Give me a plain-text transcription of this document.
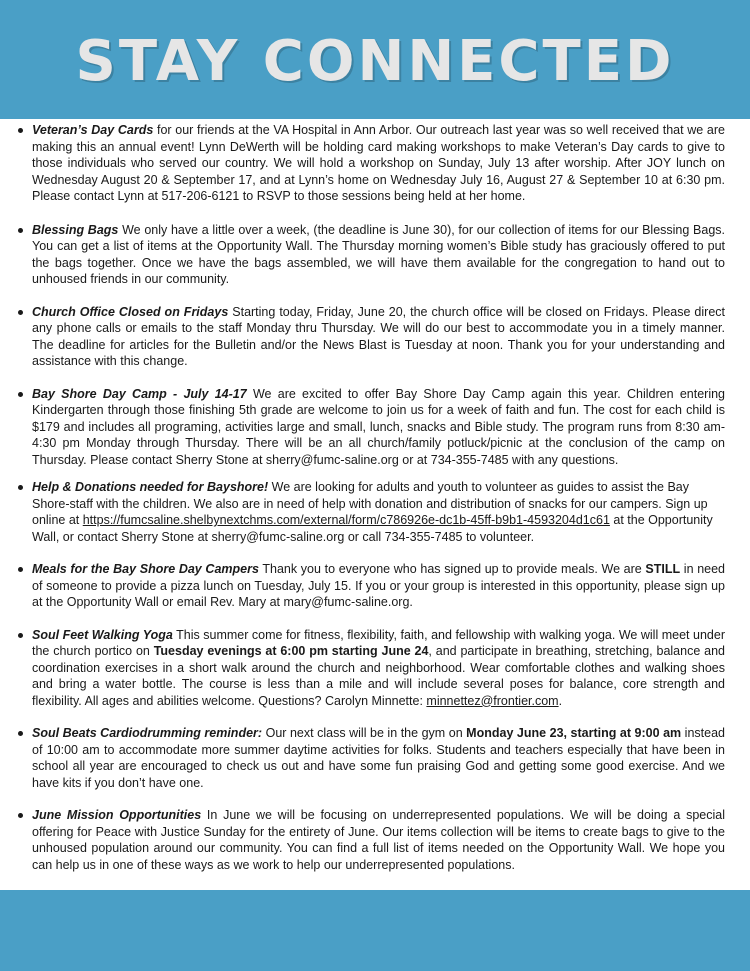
STAY CONNECTED
Veteran’s Day Cards for our friends at the VA Hospital in Ann Arbor. Our outreach last year was so well received that we are making this an annual event! Lynn DeWerth will be holding card making workshops to make Veteran’s Day cards to give to those individuals who served our country. We will hold a workshop on Sunday, July 13 after worship. After JOY lunch on Wednesday August 20 & September 17, and at Lynn’s home on Wednesday July 16, August 27 & September 10 at 6:30 pm. Please contact Lynn at 517-206-6121 to RSVP to those sessions being held at her home.
Blessing Bags We only have a little over a week, (the deadline is June 30), for our collection of items for our Blessing Bags. You can get a list of items at the Opportunity Wall. The Thursday morning women’s Bible study has graciously offered to put the bags together. Once we have the bags assembled, we will have them available for the congregation to hand out to unhoused friends in our community.
Church Office Closed on Fridays Starting today, Friday, June 20, the church office will be closed on Fridays. Please direct any phone calls or emails to the staff Monday thru Thursday. We will do our best to accommodate you in a timely manner. The deadline for articles for the Bulletin and/or the News Blast is Tuesday at noon. Thank you for your understanding and assistance with this change.
Bay Shore Day Camp - July 14-17 We are excited to offer Bay Shore Day Camp again this year. Children entering Kindergarten through those finishing 5th grade are welcome to join us for a week of faith and fun. The cost for each child is $179 and includes all programing, activities large and small, lunch, snacks and Bible study. The program runs from 8:30 am-4:30 pm Monday through Thursday. There will be an all church/family potluck/picnic at the conclusion of the camp on Thursday. Please contact Sherry Stone at sherry@fumc-saline.org or at 734-355-7485 with any questions.
Help & Donations needed for Bayshore! We are looking for adults and youth to volunteer as guides to assist the Bay Shore-staff with the children. We also are in need of help with donation and distribution of snacks for our campers. Sign up online at https://fumcsaline.shelbynextchms.com/external/form/c786926e-dc1b-45ff-b9b1-4593204d1c61 at the Opportunity Wall, or contact Sherry Stone at sherry@fumc-saline.org or call 734-355-7485 to volunteer.
Meals for the Bay Shore Day Campers Thank you to everyone who has signed up to provide meals. We are STILL in need of someone to provide a pizza lunch on Tuesday, July 15. If you or your group is interested in this opportunity, please sign up at the Opportunity Wall or email Rev. Mary at mary@fumc-saline.org.
Soul Feet Walking Yoga This summer come for fitness, flexibility, faith, and fellowship with walking yoga. We will meet under the church portico on Tuesday evenings at 6:00 pm starting June 24, and participate in breathing, stretching, balance and coordination exercises in a short walk around the church and neighborhood. Wear comfortable clothes and walking shoes and bring a water bottle. The course is less than a mile and will include several poses for balance, core strength and flexibility. All ages and abilities welcome. Questions? Carolyn Minnette: minnettez@frontier.com.
Soul Beats Cardiodrumming reminder: Our next class will be in the gym on Monday June 23, starting at 9:00 am instead of 10:00 am to accommodate more summer daytime activities for folks. Students and teachers especially that have been in school all year are encouraged to check us out and have some fun praising God and getting some good exercise. And we have kits if you don’t have one.
June Mission Opportunities In June we will be focusing on underrepresented populations. We will be doing a special offering for Peace with Justice Sunday for the entirety of June. Our items collection will be items to create bags to give to the unhoused population around our community. You can find a full list of items needed on the Opportunity Wall. We hope you can help us in one of these ways as we work to help our underrepresented populations.
